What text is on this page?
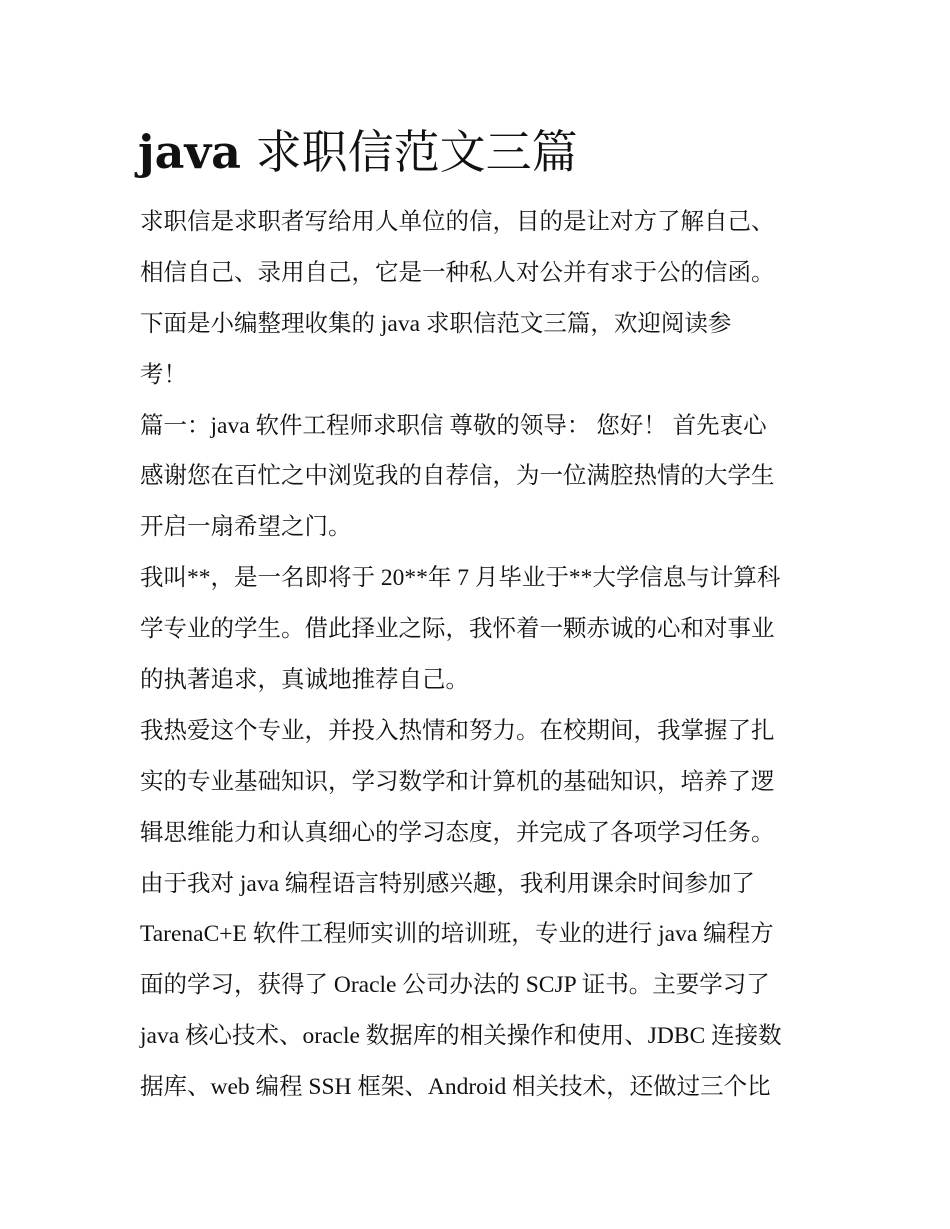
java 求职信范文三篇
求职信是求职者写给用人单位的信，目的是让对方了解自己、
相信自己、录用自己，它是一种私人对公并有求于公的信函。
下面是小编整理收集的 java 求职信范文三篇，欢迎阅读参
考！
篇一：java 软件工程师求职信 尊敬的领导： 您好！ 首先衷心
感谢您在百忙之中浏览我的自荐信，为一位满腔热情的大学生
开启一扇希望之门。
我叫**，是一名即将于 20**年 7 月毕业于**大学信息与计算科
学专业的学生。借此择业之际，我怀着一颗赤诚的心和对事业
的执著追求，真诚地推荐自己。
我热爱这个专业，并投入热情和努力。在校期间，我掌握了扎
实的专业基础知识，学习数学和计算机的基础知识，培养了逻
辑思维能力和认真细心的学习态度，并完成了各项学习任务。
由于我对 java 编程语言特别感兴趣，我利用课余时间参加了
TarenaC+E 软件工程师实训的培训班，专业的进行 java 编程方
面的学习，获得了 Oracle 公司办法的 SCJP 证书。主要学习了
java 核心技术、oracle 数据库的相关操作和使用、JDBC 连接数
据库、web 编程 SSH 框架、Android 相关技术，还做过三个比
